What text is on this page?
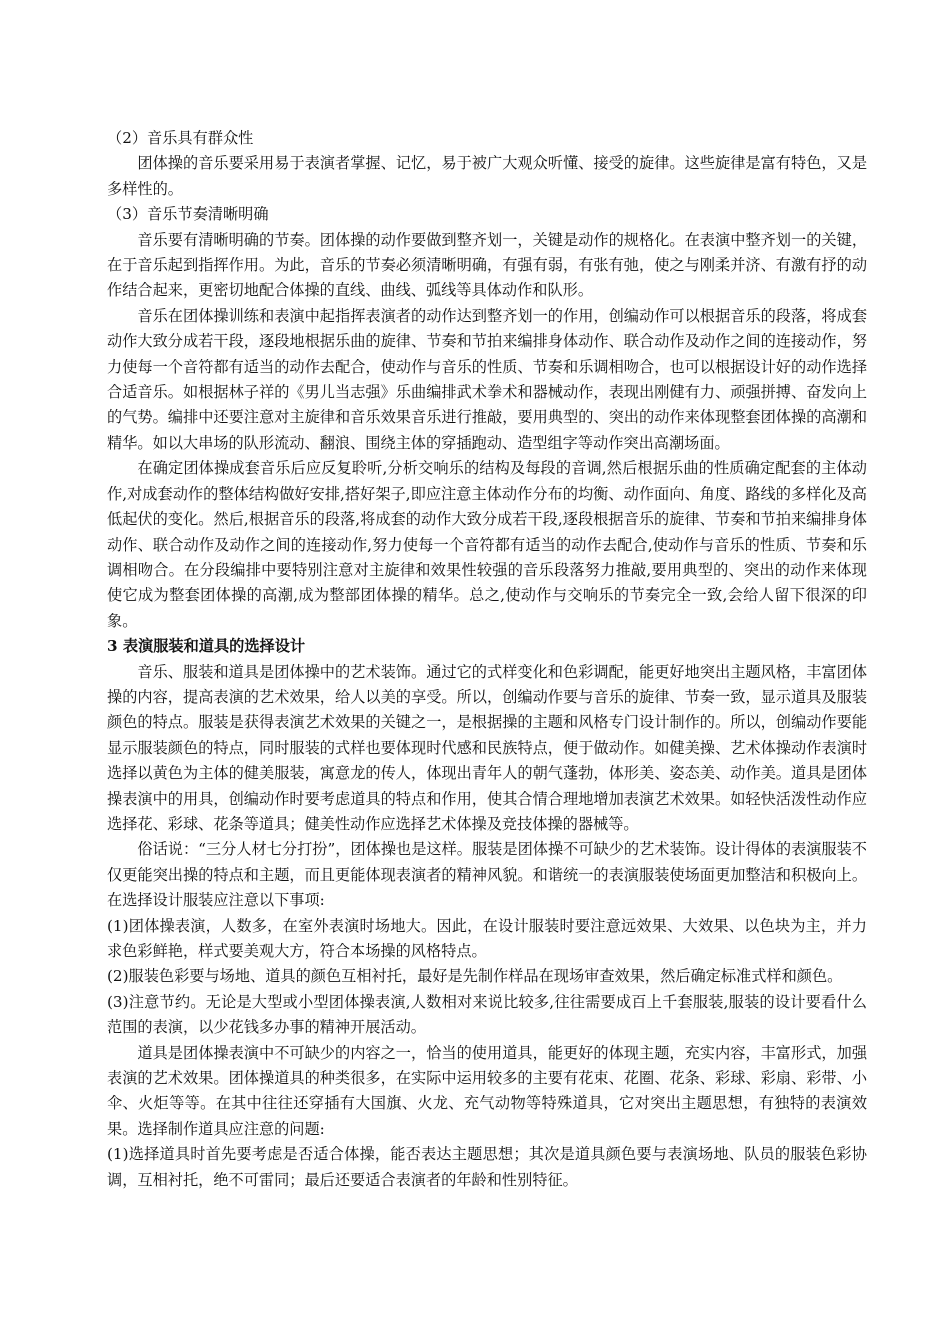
（2）音乐具有群众性

团体操的音乐要采用易于表演者掌握、记忆，易于被广大观众听懂、接受的旋律。这些旋律是富有特色，又是多样性的。

（3）音乐节奏清晰明确

音乐要有清晰明确的节奏。团体操的动作要做到整齐划一，关键是动作的规格化。在表演中整齐划一的关键，在于音乐起到指挥作用。为此，音乐的节奏必须清晰明确，有强有弱，有张有弛，使之与刚柔并济、有激有抒的动作结合起来，更密切地配合体操的直线、曲线、弧线等具体动作和队形。

音乐在团体操训练和表演中起指挥表演者的动作达到整齐划一的作用，创编动作可以根据音乐的段落，将成套动作大致分成若干段，逐段地根据乐曲的旋律、节奏和节拍来编排身体动作、联合动作及动作之间的连接动作，努力使每一个音符都有适当的动作去配合，使动作与音乐的性质、节奏和乐调相吻合，也可以根据设计好的动作选择合适音乐。如根据林子祥的《男儿当志强》乐曲编排武术拳术和器械动作，表现出刚健有力、顽强拼搏、奋发向上的气势。编排中还要注意对主旋律和音乐效果音乐进行推敲，要用典型的、突出的动作来体现整套团体操的高潮和精华。如以大串场的队形流动、翻浪、围绕主体的穿插跑动、造型组字等动作突出高潮场面。

在确定团体操成套音乐后应反复聆听,分析交响乐的结构及每段的音调,然后根据乐曲的性质确定配套的主体动作,对成套动作的整体结构做好安排,搭好架子,即应注意主体动作分布的均衡、动作面向、角度、路线的多样化及高低起伏的变化。然后,根据音乐的段落,将成套的动作大致分成若干段,逐段根据音乐的旋律、节奏和节拍来编排身体动作、联合动作及动作之间的连接动作,努力使每一个音符都有适当的动作去配合,使动作与音乐的性质、节奏和乐调相吻合。在分段编排中要特别注意对主旋律和效果性较强的音乐段落努力推敲,要用典型的、突出的动作来体现使它成为整套团体操的高潮,成为整部团体操的精华。总之,使动作与交响乐的节奏完全一致,会给人留下很深的印象。

3 表演服装和道具的选择设计

音乐、服装和道具是团体操中的艺术装饰。通过它的式样变化和色彩调配，能更好地突出主题风格，丰富团体操的内容，提高表演的艺术效果，给人以美的享受。所以，创编动作要与音乐的旋律、节奏一致，显示道具及服装颜色的特点。服装是获得表演艺术效果的关键之一，是根据操的主题和风格专门设计制作的。所以，创编动作要能显示服装颜色的特点，同时服装的式样也要体现时代感和民族特点，便于做动作。如健美操、艺术体操动作表演时选择以黄色为主体的健美服装，寓意龙的传人，体现出青年人的朝气蓬勃，体形美、姿态美、动作美。道具是团体操表演中的用具，创编动作时要考虑道具的特点和作用，使其合情合理地增加表演艺术效果。如轻快活泼性动作应选择花、彩球、花条等道具；健美性动作应选择艺术体操及竞技体操的器械等。

俗话说：“三分人材七分打扮”，团体操也是这样。服装是团体操不可缺少的艺术装饰。设计得体的表演服装不仅更能突出操的特点和主题，而且更能体现表演者的精神风貌。和谐统一的表演服装使场面更加整洁和积极向上。在选择设计服装应注意以下事项:

(1)团体操表演，人数多，在室外表演时场地大。因此，在设计服装时要注意远效果、大效果、以色块为主，并力求色彩鲜艳，样式要美观大方，符合本场操的风格特点。

(2)服装色彩要与场地、道具的颜色互相衬托，最好是先制作样品在现场审查效果，然后确定标准式样和颜色。

(3)注意节约。无论是大型或小型团体操表演,人数相对来说比较多,往往需要成百上千套服装,服装的设计要看什么范围的表演，以少花钱多办事的精神开展活动。

道具是团体操表演中不可缺少的内容之一，恰当的使用道具，能更好的体现主题，充实内容，丰富形式，加强表演的艺术效果。团体操道具的种类很多，在实际中运用较多的主要有花束、花圈、花条、彩球、彩扇、彩带、小伞、火炬等等。在其中往往还穿插有大国旗、火龙、充气动物等特殊道具，它对突出主题思想，有独特的表演效果。选择制作道具应注意的问题:

(1)选择道具时首先要考虑是否适合体操，能否表达主题思想；其次是道具颜色要与表演场地、队员的服装色彩协调，互相衬托，绝不可雷同；最后还要适合表演者的年龄和性别特征。
